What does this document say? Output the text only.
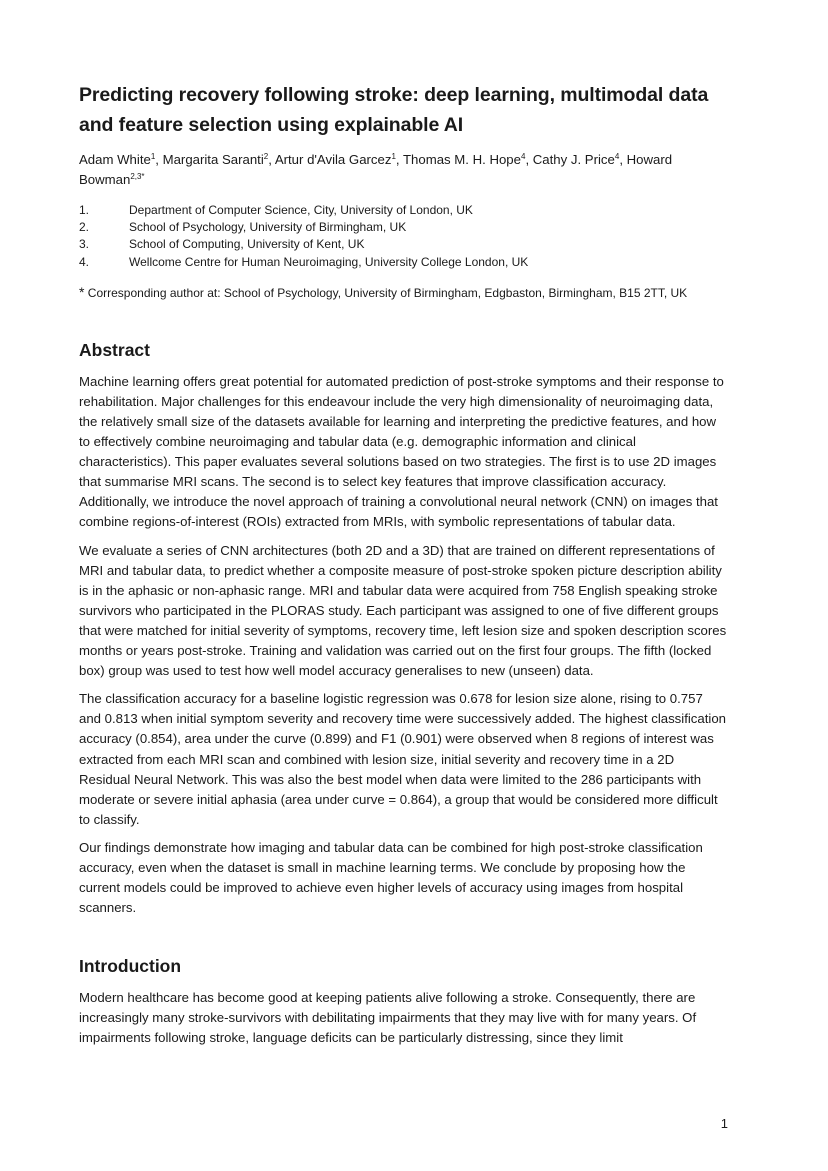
Predicting recovery following stroke: deep learning, multimodal data and feature selection using explainable AI
Adam White$^1$, Margarita Saranti$^2$, Artur d'Avila Garcez$^1$, Thomas M. H. Hope$^4$, Cathy J. Price$^4$, Howard Bowman$^{2,3*}$
1.	Department of Computer Science, City, University of London, UK
2.	School of Psychology, University of Birmingham, UK
3.	School of Computing, University of Kent, UK
4.	Wellcome Centre for Human Neuroimaging, University College London, UK
* Corresponding author at: School of Psychology, University of Birmingham, Edgbaston, Birmingham, B15 2TT, UK
Abstract

Machine learning offers great potential for automated prediction of post-stroke symptoms and their response to rehabilitation. Major challenges for this endeavour include the very high dimensionality of neuroimaging data, the relatively small size of the datasets available for learning and interpreting the predictive features, and how to effectively combine neuroimaging and tabular data (e.g. demographic information and clinical characteristics). This paper evaluates several solutions based on two strategies. The first is to use 2D images that summarise MRI scans. The second is to select key features that improve classification accuracy. Additionally, we introduce the novel approach of training a convolutional neural network (CNN) on images that combine regions-of-interest (ROIs) extracted from MRIs, with symbolic representations of tabular data.

We evaluate a series of CNN architectures (both 2D and a 3D) that are trained on different representations of MRI and tabular data, to predict whether a composite measure of post-stroke spoken picture description ability is in the aphasic or non-aphasic range. MRI and tabular data were acquired from 758 English speaking stroke survivors who participated in the PLORAS study. Each participant was assigned to one of five different groups that were matched for initial severity of symptoms, recovery time, left lesion size and spoken description scores months or years post-stroke. Training and validation was carried out on the first four groups. The fifth (locked box) group was used to test how well model accuracy generalises to new (unseen) data.

The classification accuracy for a baseline logistic regression was 0.678 for lesion size alone, rising to 0.757 and 0.813 when initial symptom severity and recovery time were successively added. The highest classification accuracy (0.854), area under the curve (0.899) and F1 (0.901) were observed when 8 regions of interest was extracted from each MRI scan and combined with lesion size, initial severity and recovery time in a 2D Residual Neural Network. This was also the best model when data were limited to the 286 participants with moderate or severe initial aphasia (area under curve = 0.864), a group that would be considered more difficult to classify.

Our findings demonstrate how imaging and tabular data can be combined for high post-stroke classification accuracy, even when the dataset is small in machine learning terms. We conclude by proposing how the current models could be improved to achieve even higher levels of accuracy using images from hospital scanners.

Introduction

Modern healthcare has become good at keeping patients alive following a stroke. Consequently, there are increasingly many stroke-survivors with debilitating impairments that they may live with for many years. Of impairments following stroke, language deficits can be particularly distressing, since they limit

1
